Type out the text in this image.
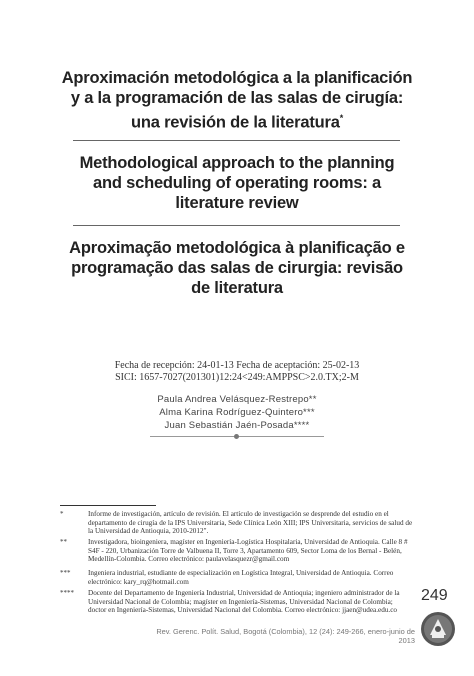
Aproximación metodológica a la planificación

y a la programación de las salas de cirugía:

una revisión de la literatura*

Methodological approach to the planning

and scheduling of operating rooms: a

literature review

Aproximação metodológica à planificação e

programação das salas de cirurgia: revisão

de literatura

Fecha de recepción: 24-01-13 Fecha de aceptación: 25-02-13
SICI: 1657-7027(201301)12:24<249:AMPPSC>2.0.TX;2-M
Paula Andrea Velásquez-Restrepo**
Alma Karina Rodríguez-Quintero***
Juan Sebastián Jaén-Posada****
*	Informe de investigación, artículo de revisión. El artículo de investigación se desprende del estudio en el departamento de cirugía de la IPS Universitaria, Sede Clínica León XIII; IPS Universitaria, servicios de salud de la Universidad de Antioquia, 2010-2012".
**	Investigadora, bioingeniera, magíster en Ingeniería-Logística Hospitalaria, Universidad de Antioquia. Calle 8 # S4F - 220, Urbanización Torre de Valbuena II, Torre 3, Apartamento 609, Sector Loma de los Bernal - Belén, Medellín-Colombia. Correo electrónico: paulavelasquezr@gmail.com
***	Ingeniera industrial, estudiante de especialización en Logística Integral, Universidad de Antioquia. Correo electrónico: kary_rq@hotmail.com
****	Docente del Departamento de Ingeniería Industrial, Universidad de Antioquia; ingeniero administrador de la Universidad Nacional de Colombia; magíster en Ingeniería-Sistemas, Universidad Nacional de Colombia; doctor en Ingeniería-Sistemas, Universidad Nacional del Colombia. Correo electrónico: jjaen@udea.edu.co
249
Rev. Gerenc. Polít. Salud, Bogotá (Colombia), 12 (24): 249-266, enero-junio de 2013
